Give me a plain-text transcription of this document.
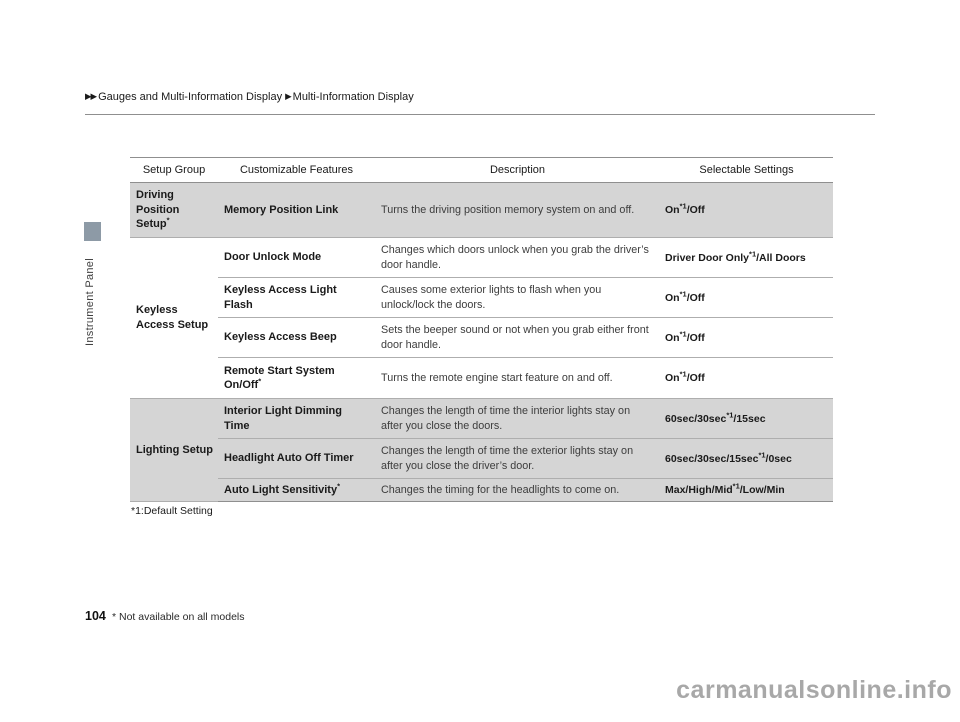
▶▶ Gauges and Multi-Information Display ▶ Multi-Information Display
Instrument Panel
Setup Group	Customizable Features	Description	Selectable Settings
Driving Position Setup*	Memory Position Link	Turns the driving position memory system on and off.	On$^{*1}$/Off
Keyless Access Setup	Door Unlock Mode	Changes which doors unlock when you grab the driver’s door handle.	Driver Door Only$^{*1}$/All Doors
	Keyless Access Light Flash	Causes some exterior lights to flash when you unlock/lock the doors.	On$^{*1}$/Off
	Keyless Access Beep	Sets the beeper sound or not when you grab either front door handle.	On$^{*1}$/Off
	Remote Start System On/Off*	Turns the remote engine start feature on and off.	On$^{*1}$/Off
Lighting Setup	Interior Light Dimming Time	Changes the length of time the interior lights stay on after you close the doors.	$60\sec/30\sec^{*1}/15\sec$
	Headlight Auto Off Timer	Changes the length of time the exterior lights stay on after you close the driver’s door.	$60\sec/30\sec/15\sec^{*1}/0\sec$
	Auto Light Sensitivity*	Changes the timing for the headlights to come on.	Max/High/Mid$^{*1}$/Low/Min
*1:Default Setting
104 * Not available on all models
carmanualsonline.info
